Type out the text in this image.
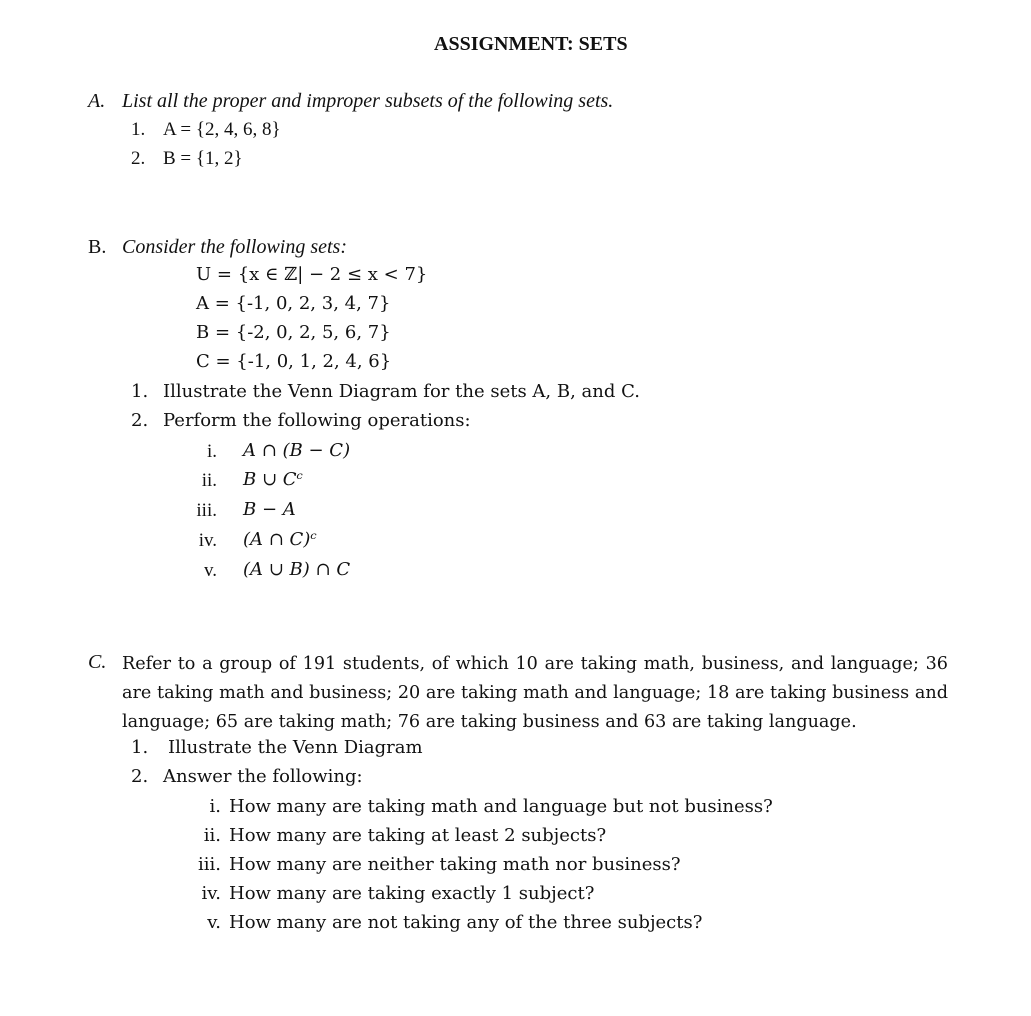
ASSIGNMENT: SETS
A. List all the proper and improper subsets of the following sets.
1. A = {2, 4, 6, 8}
2. B = {1, 2}
B. Consider the following sets:
U = {x ∈ ℤ| − 2 ≤ x < 7}
A = {-1, 0, 2, 3, 4, 7}
B = {-2, 0, 2, 5, 6, 7}
C = {-1, 0, 1, 2, 4, 6}
1. Illustrate the Venn Diagram for the sets A, B, and C.
2. Perform the following operations:
i. A ∩ (B − C)
ii. B ∪ Cᶜ
iii. B − A
iv. (A ∩ C)ᶜ
v. (A ∪ B) ∩ C
C. Refer to a group of 191 students, of which 10 are taking math, business, and language; 36 are taking math and business; 20 are taking math and language; 18 are taking business and language; 65 are taking math; 76 are taking business and 63 are taking language.
1. Illustrate the Venn Diagram
2. Answer the following:
i. How many are taking math and language but not business?
ii. How many are taking at least 2 subjects?
iii. How many are neither taking math nor business?
iv. How many are taking exactly 1 subject?
v. How many are not taking any of the three subjects?
